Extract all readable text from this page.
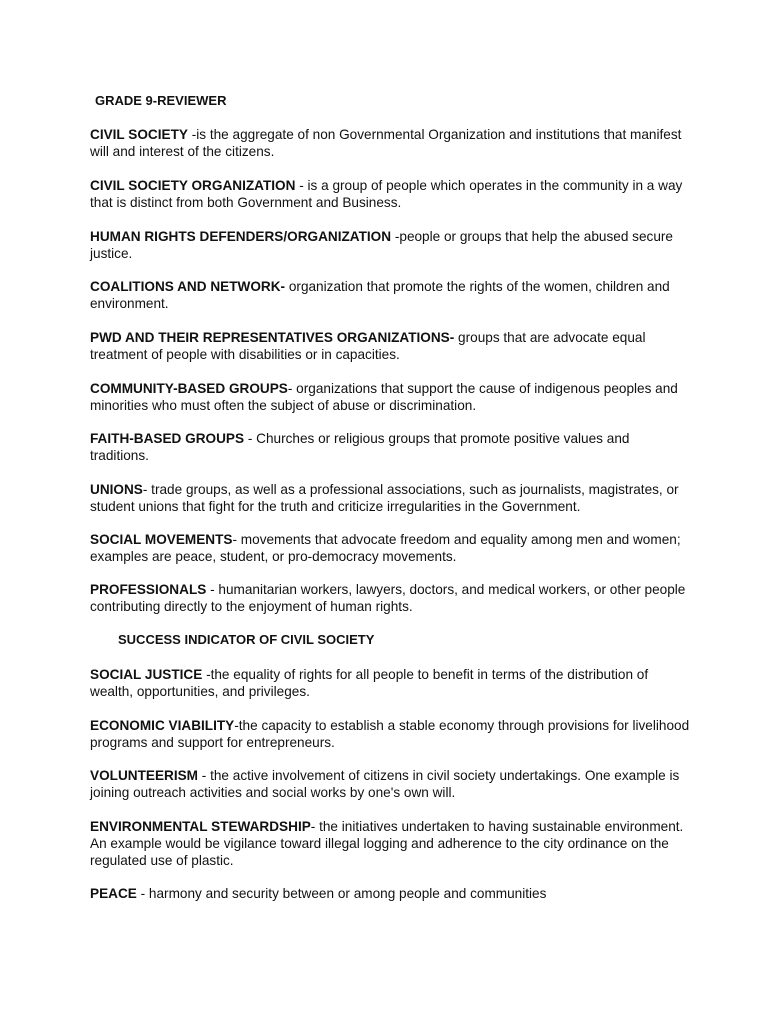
GRADE 9-REVIEWER

CIVIL SOCIETY -is the aggregate of non Governmental Organization and institutions that manifest will and interest of the citizens.

CIVIL SOCIETY ORGANIZATION - is a group of people which operates in the community in a way that is distinct from both Government and Business.

HUMAN RIGHTS DEFENDERS/ORGANIZATION -people or groups that help the abused secure justice.

COALITIONS AND NETWORK- organization that promote the rights of the women, children and environment.

PWD AND THEIR REPRESENTATIVES ORGANIZATIONS- groups that are advocate equal treatment of people with disabilities or in capacities.

COMMUNITY-BASED GROUPS- organizations that support the cause of indigenous peoples and minorities who must often the subject of abuse or discrimination.

FAITH-BASED GROUPS - Churches or religious groups that promote positive values and traditions.

UNIONS- trade groups, as well as a professional associations, such as journalists, magistrates, or student unions that fight for the truth and criticize irregularities in the Government.

SOCIAL MOVEMENTS- movements that advocate freedom and equality among men and women; examples are peace, student, or pro-democracy movements.

PROFESSIONALS - humanitarian workers, lawyers, doctors, and medical workers, or other people contributing directly to the enjoyment of human rights.

SUCCESS INDICATOR OF CIVIL SOCIETY

SOCIAL JUSTICE -the equality of rights for all people to benefit in terms of the distribution of wealth, opportunities, and privileges.

ECONOMIC VIABILITY-the capacity to establish a stable economy through provisions for livelihood programs and support for entrepreneurs.

VOLUNTEERISM - the active involvement of citizens in civil society undertakings. One example is joining outreach activities and social works by one's own will.

ENVIRONMENTAL STEWARDSHIP- the initiatives undertaken to having sustainable environment. An example would be vigilance toward illegal logging and adherence to the city ordinance on the regulated use of plastic.

PEACE - harmony and security between or among people and communities
